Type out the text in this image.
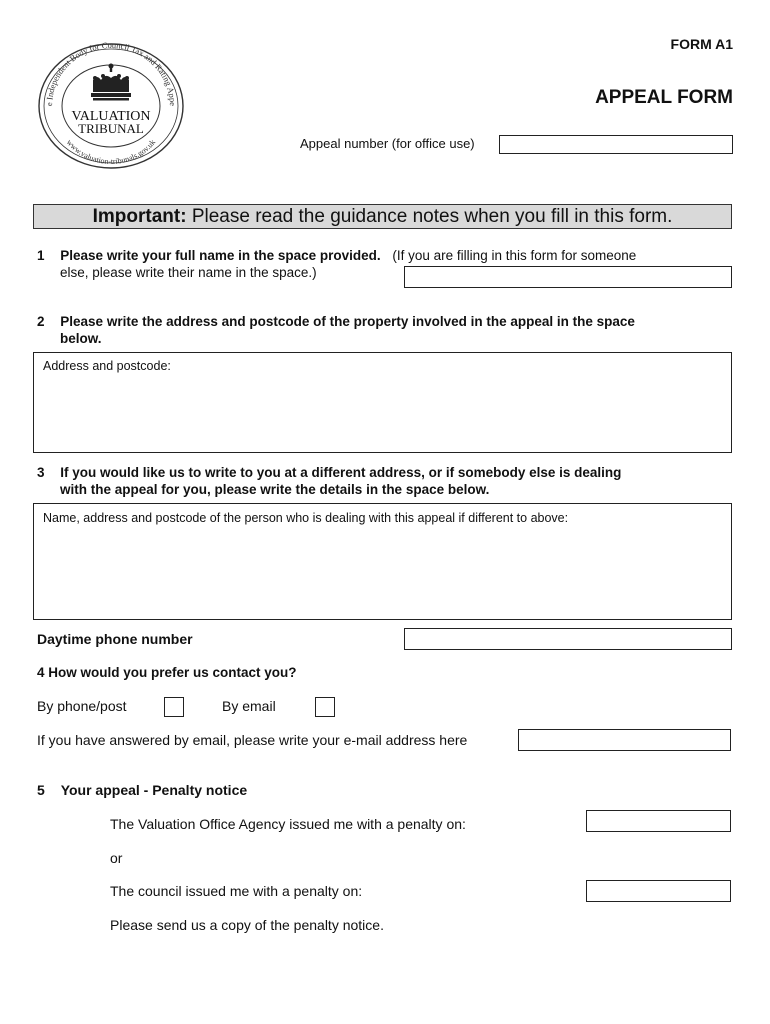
e Independent Body for Council Tax and Rating Appe
www.valuation-tribunals.gov.uk
VALUATION
TRIBUNAL
FORM A1
APPEAL FORM
Appeal number (for office use)
Important: Please read the guidance notes when you fill in this form.
1 Please write your full name in the space provided. (If you are filling in this form for someone
else, please write their name in the space.)
2 Please write the address and postcode of the property involved in the appeal in the space
below.
Address and postcode:
3 If you would like us to write to you at a different address, or if somebody else is dealing
with the appeal for you, please write the details in the space below.
Name, address and postcode of the person who is dealing with this appeal if different to above:
Daytime phone number
4 How would you prefer us contact you?
By phone/post	By email
If you have answered by email, please write your e-mail address here
5 Your appeal - Penalty notice
The Valuation Office Agency issued me with a penalty on:
or
The council issued me with a penalty on:
Please send us a copy of the penalty notice.
